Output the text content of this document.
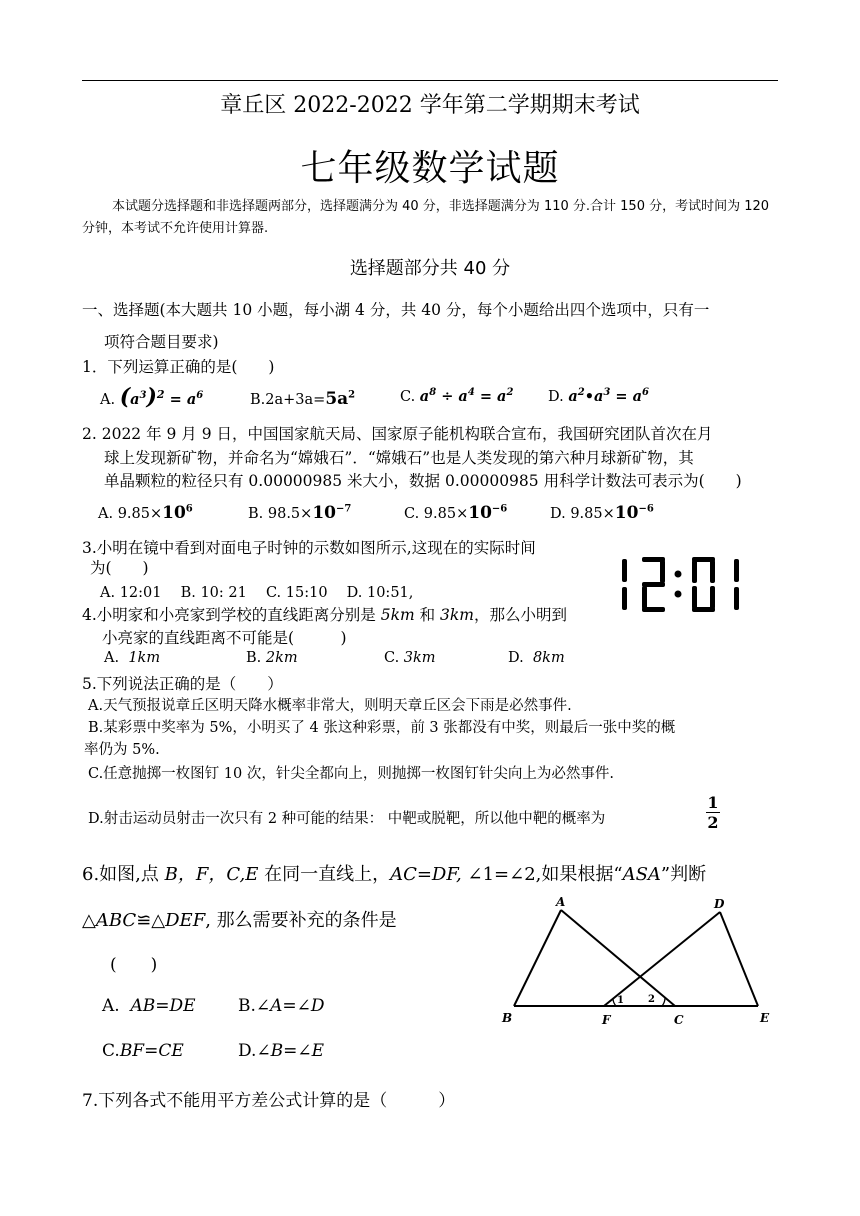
章丘区 2022-2022 学年第二学期期末考试
七年级数学试题
本试题分选择题和非选择题两部分，选择题满分为 40 分，非选择题满分为 110 分.合计 150 分，考试时间为 120 分钟，本考试不允许使用计算器.
选择题部分共 40 分
一、选择题(本大题共 10 小题，每小湖 4 分，共 40 分，每个小题给出四个选项中，只有一
项符合题目要求)
1．下列运算正确的是(　　)
A. $(a^3)^2 = a^6$	$B.2a+3a=5a^2$	C. $a^8 \div a^4 = a^2$ D. $a^2•a^3 = a^6$
2. 2022 年 9 月 9 日，中国国家航天局、国家原子能机构联合宣布，我国研究团队首次在月
球上发现新矿物，并命名为“嫦娥石”．“嫦娥石”也是人类发现的第六种月球新矿物，其
单晶颗粒的粒径只有 0.00000985 米大小，数据 0.00000985 用科学计数法可表示为(　　)
A. $9.85\times 10^6$	B. $98.5\times 10^{-7}$	C. $9.85\times 10^{-6}$	D. $9.85\times 10^{-6}$
3.小明在镜中看到对面电子时钟的示数如图所示,这现在的实际时间
为(　　)
A. 12:01　 B. 10: 21　 C. 15:10　 D. 10:51,
4.小明家和小亮家到学校的直线距离分别是 5km 和 3km，那么小明到
小亮家的直线距离不可能是(　　　)
A. 1km	B. 2km	C. 3km	D. 8km
5.下列说法正确的是（　　）
A.天气预报说章丘区明天降水概率非常大，则明天章丘区会下雨是必然事件.
B.某彩票中奖率为 5%，小明买了 4 张这种彩票，前 3 张都没有中奖，则最后一张中奖的概
率仍为 5%.
C.任意抛掷一枚图钉 10 次，针尖全都向上，则抛掷一枚图钉针尖向上为必然事件.
D.射击运动员射击一次只有 2 种可能的结果： 中靶或脱靶，所以他中靶的概率为	$\frac{1}{2}$
6.如图,点 B，F，C,E 在同一直线上，AC=DF, ∠1=∠2,如果根据“ASA”判断
△ABC≌△DEF, 那么需要补充的条件是
(　　)
A. AB=DE B.∠A=∠D
C.BF=CE	D.∠B=∠E
A	D
B	F	C	E
1 2
7.下列各式不能用平方差公式计算的是（　　　）
